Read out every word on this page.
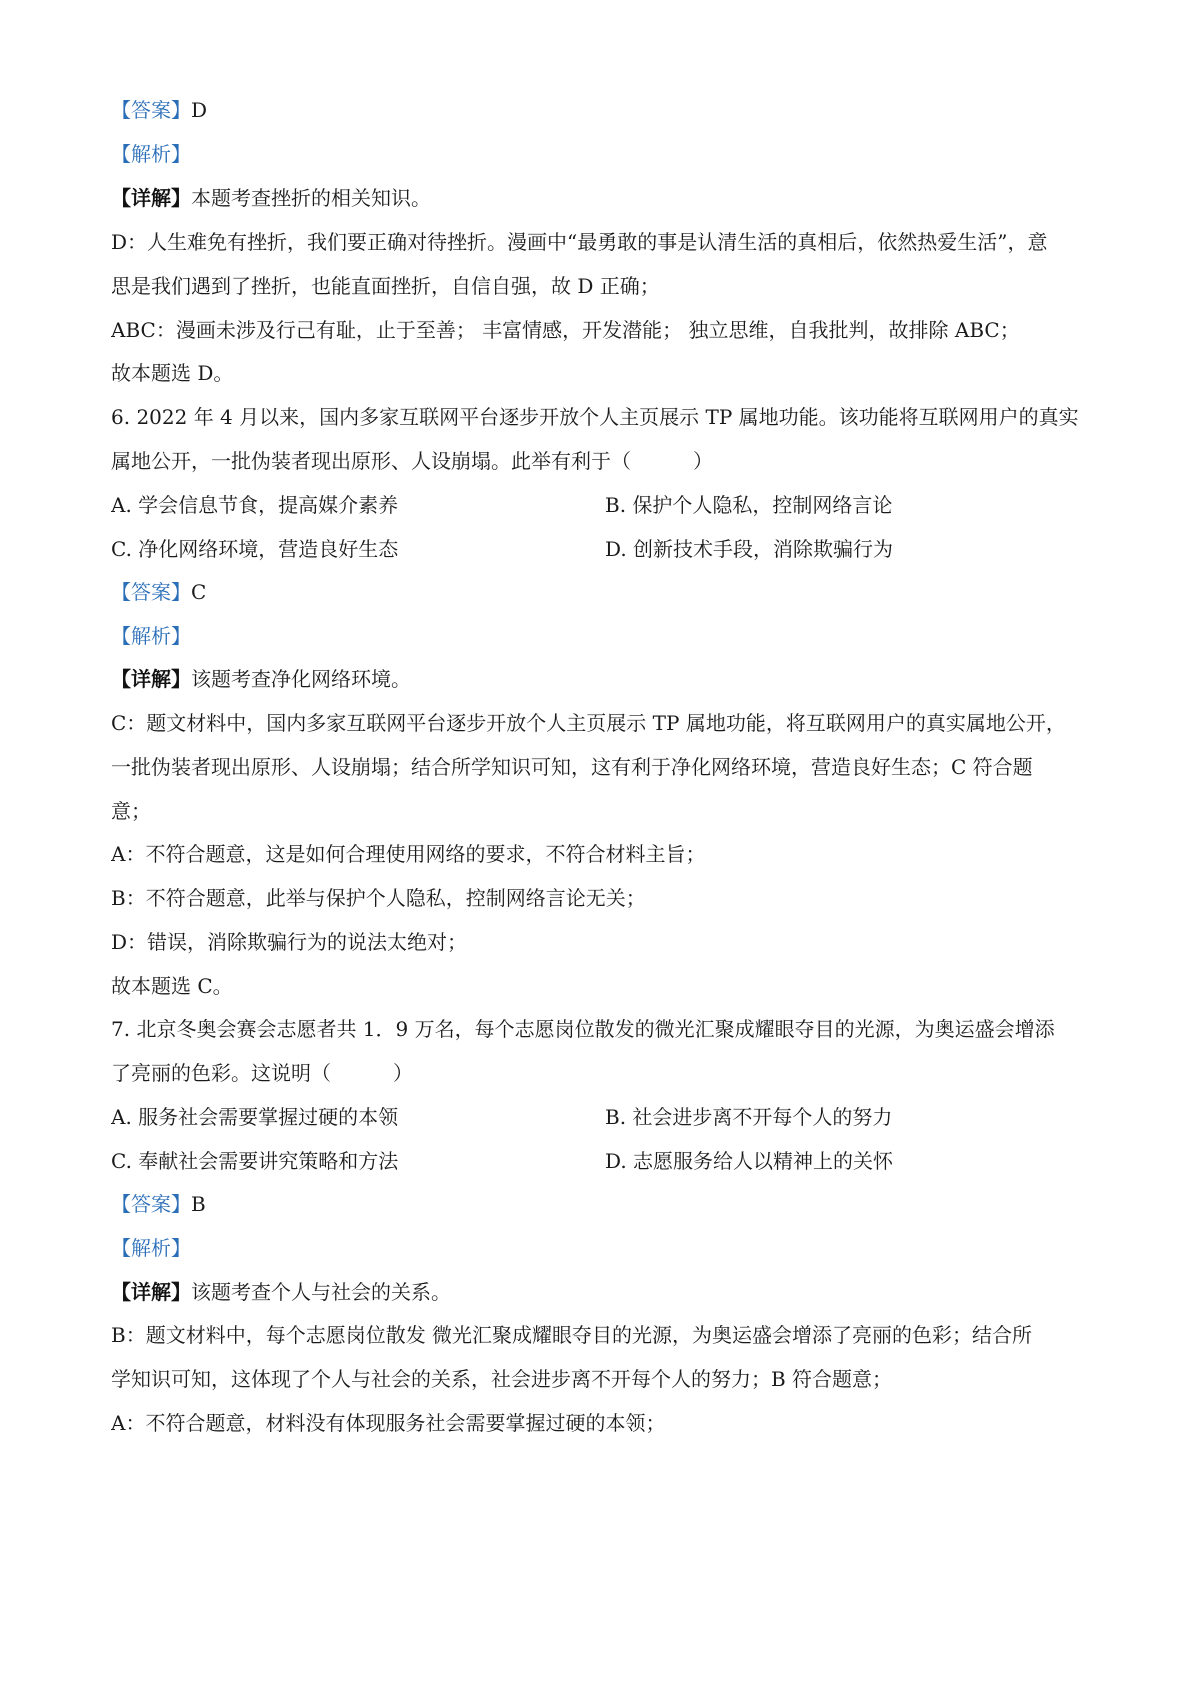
【答案】D
【解析】
【详解】本题考查挫折的相关知识。
D：人生难免有挫折，我们要正确对待挫折。漫画中“最勇敢的事是认清生活的真相后，依然热爱生活”，意
思是我们遇到了挫折，也能直面挫折，自信自强，故 D 正确；
ABC：漫画未涉及行己有耻，止于至善； 丰富情感，开发潜能； 独立思维，自我批判，故排除 ABC；
故本题选 D。
6. 2022 年 4 月以来，国内多家互联网平台逐步开放个人主页展示 TP 属地功能。该功能将互联网用户的真实
属地公开，一批伪装者现出原形、人设崩塌。此举有利于（	）
A. 学会信息节食，提高媒介素养	B. 保护个人隐私，控制网络言论
C. 净化网络环境，营造良好生态	D. 创新技术手段，消除欺骗行为
【答案】C
【解析】
【详解】该题考查净化网络环境。
C：题文材料中，国内多家互联网平台逐步开放个人主页展示 TP 属地功能，将互联网用户的真实属地公开，
一批伪装者现出原形、人设崩塌；结合所学知识可知，这有利于净化网络环境，营造良好生态；C 符合题
意；
A：不符合题意，这是如何合理使用网络的要求，不符合材料主旨；
B：不符合题意，此举与保护个人隐私，控制网络言论无关；
D：错误，消除欺骗行为的说法太绝对；
故本题选 C。
7. 北京冬奥会赛会志愿者共 1．9 万名，每个志愿岗位散发的微光汇聚成耀眼夺目的光源，为奥运盛会增添
了亮丽的色彩。这说明（	）
A. 服务社会需要掌握过硬的本领	B. 社会进步离不开每个人的努力
C. 奉献社会需要讲究策略和方法	D. 志愿服务给人以精神上的关怀
【答案】B
【解析】
【详解】该题考查个人与社会的关系。
B：题文材料中，每个志愿岗位散发 微光汇聚成耀眼夺目的光源，为奥运盛会增添了亮丽的色彩；结合所
学知识可知，这体现了个人与社会的关系，社会进步离不开每个人的努力；B 符合题意；
A：不符合题意，材料没有体现服务社会需要掌握过硬的本领；
